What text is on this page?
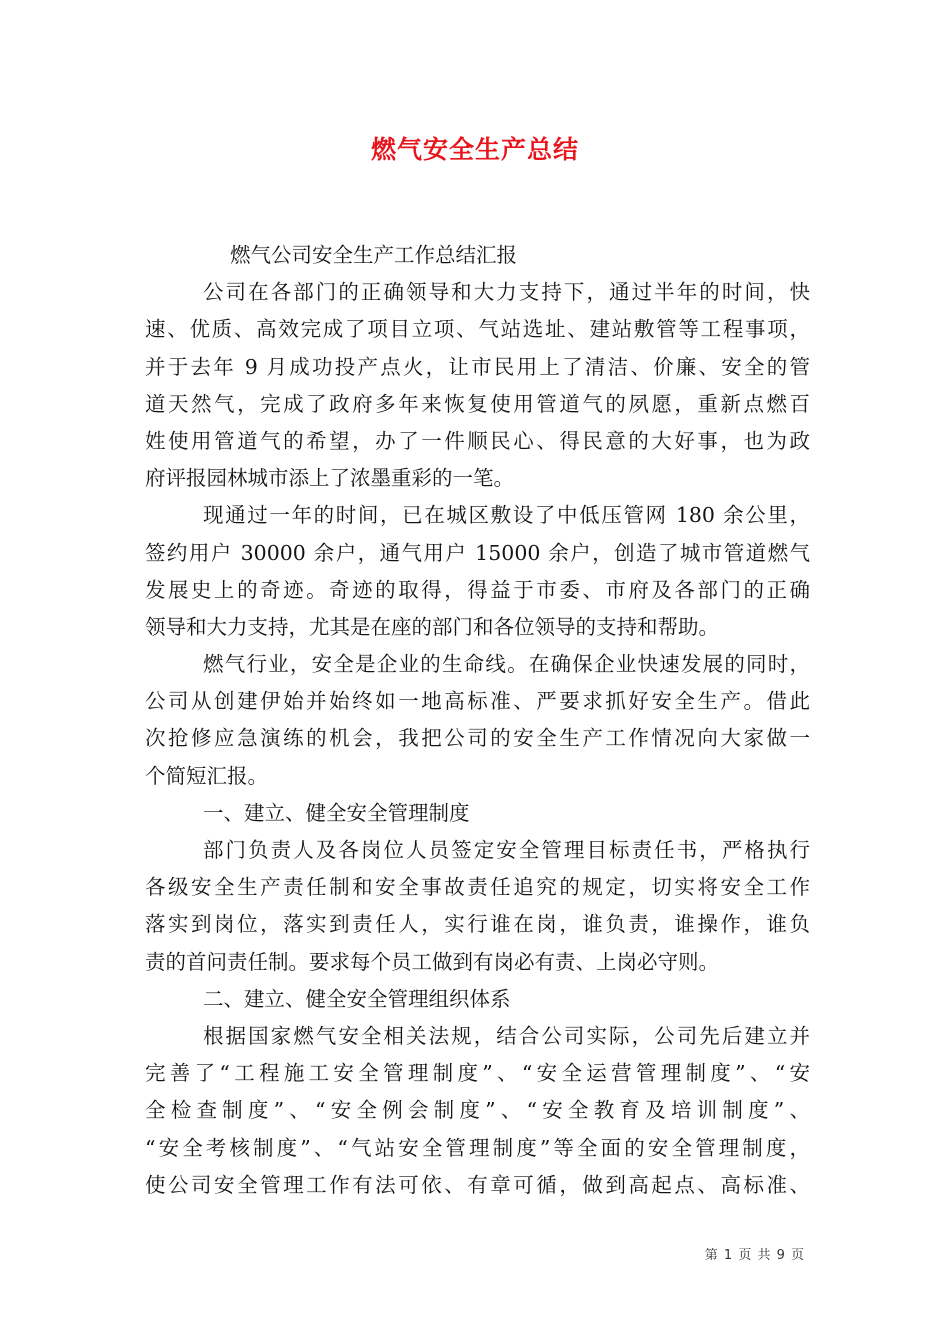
燃气安全生产总结
燃气公司安全生产工作总结汇报
公司在各部门的正确领导和大力支持下，通过半年的时间，快
速、优质、高效完成了项目立项、气站选址、建站敷管等工程事项，
并于去年 9 月成功投产点火，让市民用上了清洁、价廉、安全的管
道天然气，完成了政府多年来恢复使用管道气的夙愿，重新点燃百
姓使用管道气的希望，办了一件顺民心、得民意的大好事，也为政
府评报园林城市添上了浓墨重彩的一笔。
现通过一年的时间，已在城区敷设了中低压管网 180 余公里，
签约用户 30000 余户，通气用户 15000 余户，创造了城市管道燃气
发展史上的奇迹。奇迹的取得，得益于市委、市府及各部门的正确
领导和大力支持，尤其是在座的部门和各位领导的支持和帮助。
燃气行业，安全是企业的生命线。在确保企业快速发展的同时，
公司从创建伊始并始终如一地高标准、严要求抓好安全生产。借此
次抢修应急演练的机会，我把公司的安全生产工作情况向大家做一
个简短汇报。
一、建立、健全安全管理制度
部门负责人及各岗位人员签定安全管理目标责任书，严格执行
各级安全生产责任制和安全事故责任追究的规定，切实将安全工作
落实到岗位，落实到责任人，实行谁在岗，谁负责，谁操作，谁负
责的首问责任制。要求每个员工做到有岗必有责、上岗必守则。
二、建立、健全安全管理组织体系
根据国家燃气安全相关法规，结合公司实际，公司先后建立并
完善了“工程施工安全管理制度”、“安全运营管理制度”、“安
全检查制度”、“安全例会制度”、“安全教育及培训制度”、
“安全考核制度”、“气站安全管理制度”等全面的安全管理制度，
使公司安全管理工作有法可依、有章可循，做到高起点、高标准、
第 1 页 共 9 页
